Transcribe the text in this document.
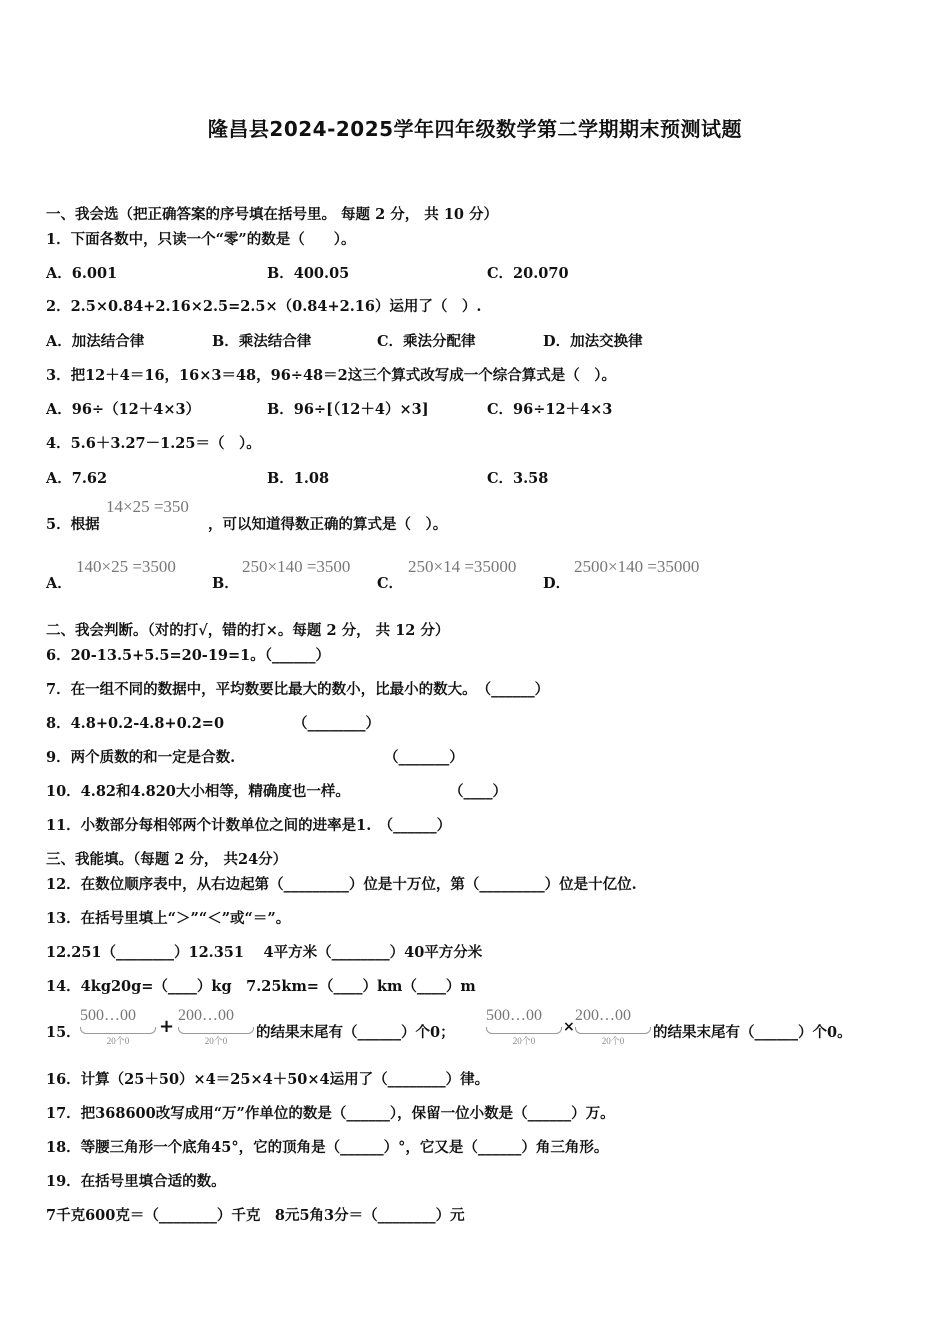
隆昌县2024-2025学年四年级数学第二学期期末预测试题
一、我会选（把正确答案的序号填在括号里。 每题 2 分， 共 10 分）
1．下面各数中，只读一个“零”的数是（　　）。
A．6.001	B．400.05	C．20.070
2．2.5×0.84+2.16×2.5=2.5×（0.84+2.16）运用了（　）.
A．加法结合律	B．乘法结合律	C．乘法分配律	D．加法交换律
3．把12＋4＝16，16×3＝48，96÷48＝2这三个算式改写成一个综合算式是（　）。
A．96÷（12＋4×3）	B．96÷[（12＋4）×3]	C．96÷12＋4×3
4．5.6＋3.27－1.25＝（　）。
A．7.62	B．1.08	C．3.58
5．根据
14×25 =350
，可以知道得数正确的算式是（　）。
A．
140×25 =3500
B．
250×140 =3500
C．
250×14 =35000
D．
2500×140 =35000
二、我会判断。（对的打√，错的打×。每题 2 分， 共 12 分）
6．20-13.5+5.5=20-19=1。（______）
7．在一组不同的数据中，平均数要比最大的数小，比最小的数大。　（______）
8．4.8+0.2-4.8+0.2=0	（________）
9．两个质数的和一定是合数.	（_______）
10．4.82和4.820大小相等，精确度也一样。	（____）
11．小数部分每相邻两个计数单位之间的进率是1.　（______）
三、我能填。（每题 2 分， 共24分）
12．在数位顺序表中，从右边起第（_________）位是十万位，第（_________）位是十亿位.
13．在括号里填上“＞”“＜”或“＝”。
12.251（________）12.351　 4平方米（________）40平方分米
14．4kg20g=（____）kg　7.25km=（____）km（____）m
15．
500…00
20个0
+
200…00
20个0	的结果末尾有（______）个0；
500…00
20个0
×
200…00
20个0	的结果末尾有（______）个0。
16．计算（25＋50）×4＝25×4＋50×4运用了（________）律。
17．把368600改写成用“万”作单位的数是（______），保留一位小数是（______）万。
18．等腰三角形一个底角45°，它的顶角是（______）°，它又是（______）角三角形。
19．在括号里填合适的数。
7千克600克＝（________）千克　8元5角3分＝（________）元
